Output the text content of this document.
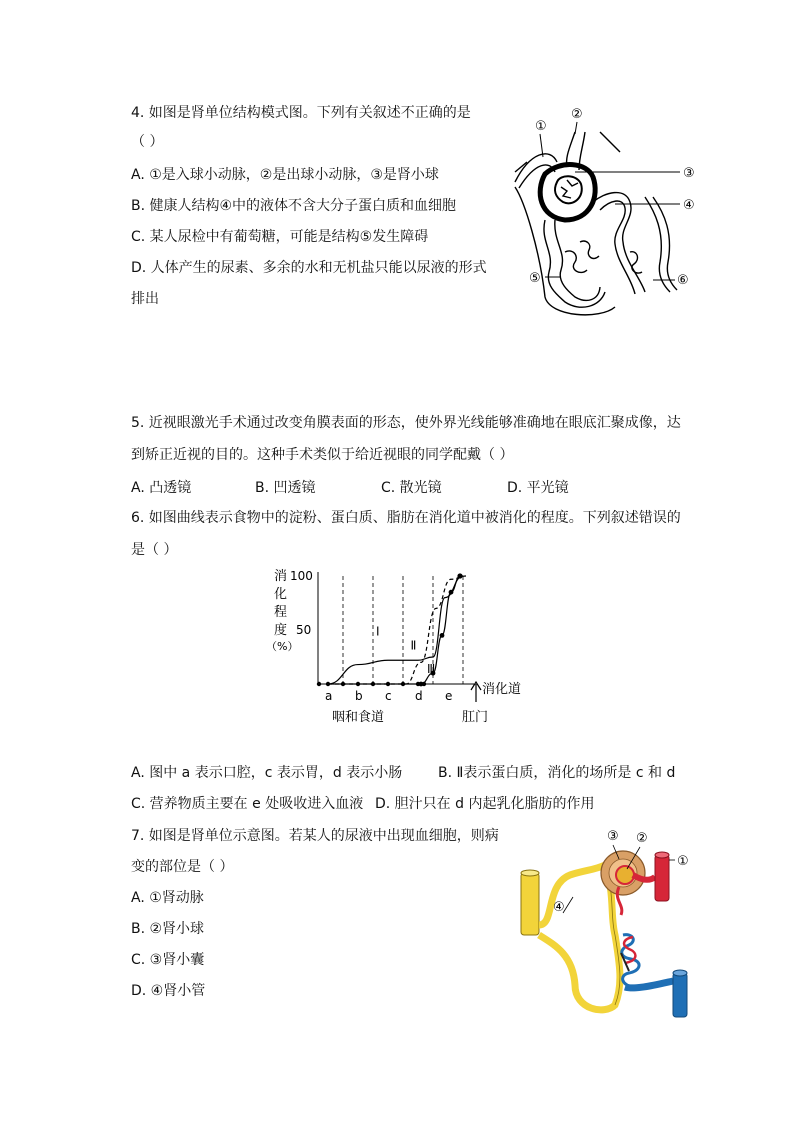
4. 如图是肾单位结构模式图。下列有关叙述不正确的是
（ ）
A. ①是入球小动脉，②是出球小动脉，③是肾小球
B. 健康人结构④中的液体不含大分子蛋白质和血细胞
C. 某人尿检中有葡萄糖，可能是结构⑤发生障碍
D. 人体产生的尿素、多余的水和无机盐只能以尿液的形式
排出
①
②
③
④
⑤	⑥
5. 近视眼激光手术通过改变角膜表面的形态，使外界光线能够准确地在眼底汇聚成像，达
到矫正近视的目的。这种手术类似于给近视眼的同学配戴（ ）
A. 凸透镜	B. 凹透镜	C. 散光镜	D. 平光镜
6. 如图曲线表示食物中的淀粉、蛋白质、脂肪在消化道中被消化的程度。下列叙述错误的
是（ ）
消
化
程
度
（%）
100
50
a b c d e
Ⅰ
Ⅱ
Ⅲ
消化道
咽和食道	肛门
A. 图中 a 表示口腔，c 表示胃，d 表示小肠	B. Ⅱ表示蛋白质，消化的场所是 c 和 d
C. 营养物质主要在 e 处吸收进入血液 D. 胆汁只在 d 内起乳化脂肪的作用
7. 如图是肾单位示意图。若某人的尿液中出现血细胞，则病
变的部位是（ ）
A. ①肾动脉
B. ②肾小球
C. ③肾小囊
D. ④肾小管
③ ②
①
④
